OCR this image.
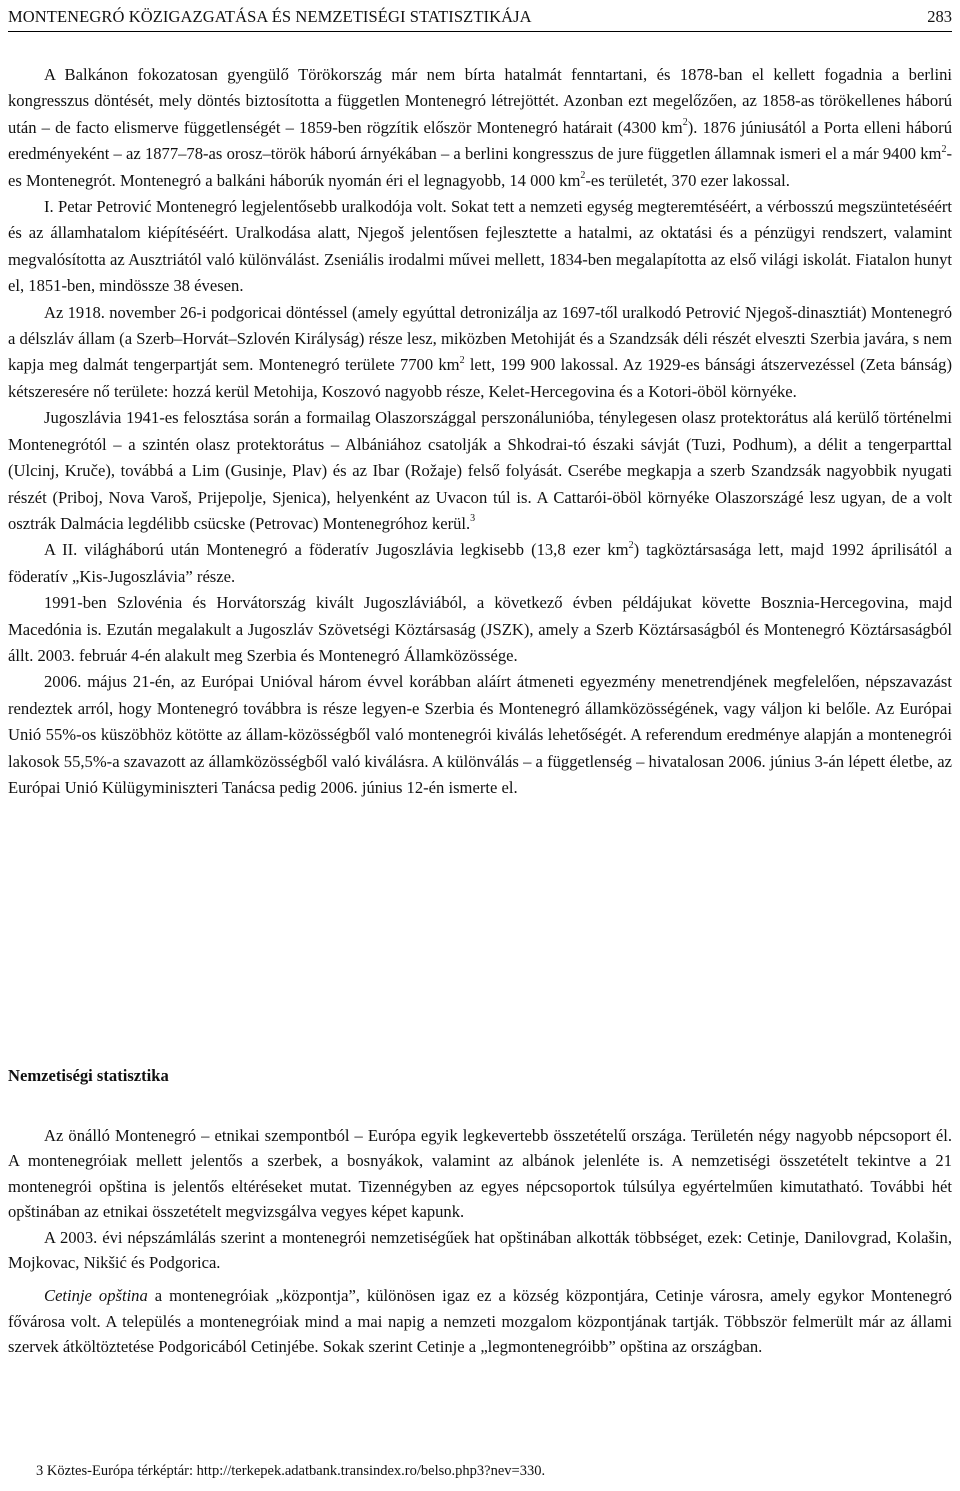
MONTENEGRÓ KÖZIGAZGATÁSA ÉS NEMZETISÉGI STATISZTIKÁJA	283

A Balkánon fokozatosan gyengülő Törökország már nem bírta hatalmát fenntartani, és 1878-ban el kellett fogadnia a berlini kongresszus döntését, mely döntés biztosította a független Montenegró létrejöttét. Azonban ezt megelőzően, az 1858-as törökellenes háború után – de facto elismerve függetlenségét – 1859-ben rögzítik először Montenegró határait (4300 $km^2$). 1876 júniusától a Porta elleni háború eredményeként – az 1877–78-as orosz–török háború árnyékában – a berlini kongresszus de jure független államnak ismeri el a már 9400 $km^2-es$ Montenegrót. Montenegró a balkáni háborúk nyomán éri el legnagyobb, 14 000 $km^2-es$ területét, 370 ezer lakossal.

I. Petar Petrović Montenegró legjelentősebb uralkodója volt. Sokat tett a nemzeti egység megteremtéséért, a vérbosszú megszüntetéséért és az államhatalom kiépítéséért. Uralkodása alatt, Njegoš jelentősen fejlesztette a hatalmi, az oktatási és a pénzügyi rendszert, valamint megvalósította az Ausztriától való különválást. Zseniális irodalmi művei mellett, 1834-ben megalapította az első világi iskolát. Fiatalon hunyt el, 1851-ben, mindössze 38 évesen.

Az 1918. november 26-i podgoricai döntéssel (amely egyúttal detronizálja az 1697-től uralkodó Petrović Njegoš-dinasztiát) Montenegró a délszláv állam (a Szerb–Horvát–Szlovén Királyság) része lesz, miközben Metohiját és a Szandzsák déli részét elveszti Szerbia javára, s nem kapja meg dalmát tengerpartját sem. Montenegró területe 7700 $km^2$ lett, 199 900 lakossal. Az 1929-es bánsági átszervezéssel (Zeta bánság) kétszeresére nő területe: hozzá kerül Metohija, Koszovó nagyobb része, Kelet-Hercegovina és a Kotori-öböl környéke.

Jugoszlávia 1941-es felosztása során a formailag Olaszországgal perszonálunióba, ténylegesen olasz protektorátus alá kerülő történelmi Montenegrótól – a szintén olasz protektorátus – Albániához csatolják a Shkodrai-tó északi sávját (Tuzi, Podhum), a délit a tengerparttal (Ulcinj, Kruče), továbbá a Lim (Gusinje, Plav) és az Ibar (Rožaje) felső folyását. Cserébe megkapja a szerb Szandzsák nagyobbik nyugati részét (Priboj, Nova Varoš, Prijepolje, Sjenica), helyenként az Uvacon túl is. A Cattarói-öböl környéke Olaszországé lesz ugyan, de a volt osztrák Dalmácia legdélibb csücske (Petrovac) Montenegróhoz kerül.$^3$

A II. világháború után Montenegró a föderatív Jugoszlávia legkisebb (13,8 ezer $km^2$) tagköztársasága lett, majd 1992 áprilisától a föderatív „Kis-Jugoszlávia” része.

1991-ben Szlovénia és Horvátország kivált Jugoszláviából, a következő évben példájukat követte Bosznia-Hercegovina, majd Macedónia is. Ezután megalakult a Jugoszláv Szövetségi Köztársaság (JSZK), amely a Szerb Köztársaságból és Montenegró Köztársaságból állt. 2003. február 4-én alakult meg Szerbia és Montenegró Államközössége.

2006. május 21-én, az Európai Unióval három évvel korábban aláírt átmeneti egyezmény menetrendjének megfelelően, népszavazást rendeztek arról, hogy Montenegró továbbra is része legyen-e Szerbia és Montenegró államközösségének, vagy váljon ki belőle. Az Európai Unió 55%-os küszöbhöz kötötte az állam-közösségből való montenegrói kiválás lehetőségét. A referendum eredménye alapján a montenegrói lakosok 55,5%-a szavazott az államközösségből való kiválásra. A különválás – a függetlenség – hivatalosan 2006. június 3-án lépett életbe, az Európai Unió Külügyminiszteri Tanácsa pedig 2006. június 12-én ismerte el.

Nemzetiségi statisztika

Az önálló Montenegró – etnikai szempontból – Európa egyik legkevertebb összetételű országa. Területén négy nagyobb népcsoport él. A montenegróiak mellett jelentős a szerbek, a bosnyákok, valamint az albánok jelenléte is. A nemzetiségi összetételt tekintve a 21 montenegrói opština is jelentős eltéréseket mutat. Tizennégyben az egyes népcsoportok túlsúlya egyértelműen kimutatható. További hét opštinában az etnikai összetételt megvizsgálva vegyes képet kapunk.

A 2003. évi népszámlálás szerint a montenegrói nemzetiségűek hat opštinában alkották többséget, ezek: Cetinje, Danilovgrad, Kolašin, Mojkovac, Nikšić és Podgorica.

Cetinje opština a montenegróiak „központja”, különösen igaz ez a község központjára, Cetinje városra, amely egykor Montenegró fővárosa volt. A település a montenegróiak mind a mai napig a nemzeti mozgalom központjának tartják. Többször felmerült már az állami szervek átköltöztetése Podgoricából Cetinjébe. Sokak szerint Cetinje a „legmontenegróibb” opština az országban.

3 Köztes-Európa térképtár: http://terkepek.adatbank.transindex.ro/belso.php3?nev=330.
